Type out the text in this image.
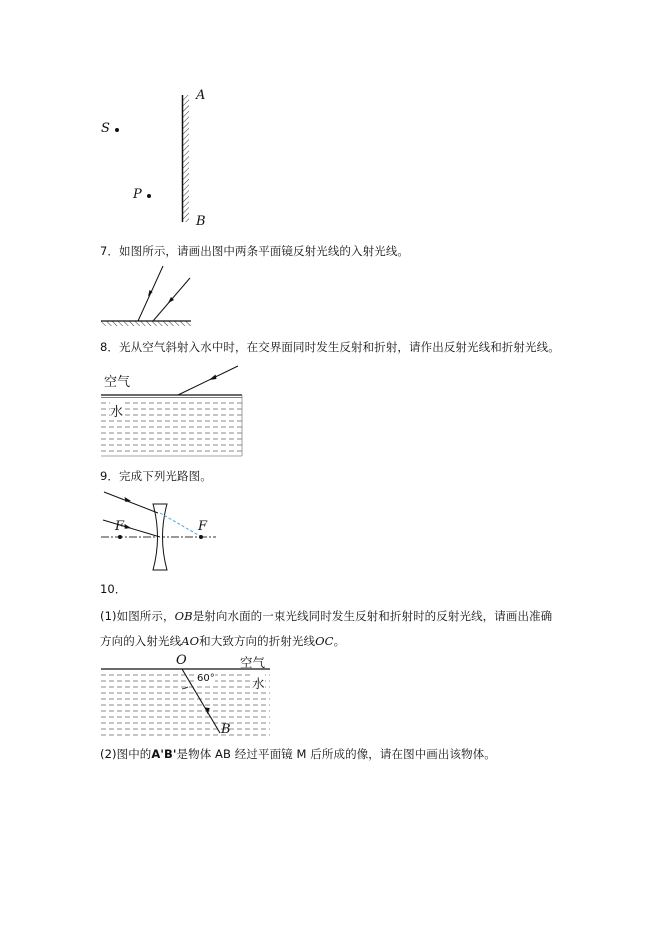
S
P
A
B
7．如图所示，请画出图中两条平面镜反射光线的入射光线。
8．光从空气斜射入水中时，在交界面同时发生反射和折射，请作出反射光线和折射光线。
空气
水
9．完成下列光路图。
F	F
10．
(1)如图所示，OB是射向水面的一束光线同时发生反射和折射时的反射光线，请画出准确
方向的入射光线AO和大致方向的折射光线OC。
O
B
60°
空气
水
(2)图中的A'B'是物体 AB 经过平面镜 M 后所成的像，请在图中画出该物体。
